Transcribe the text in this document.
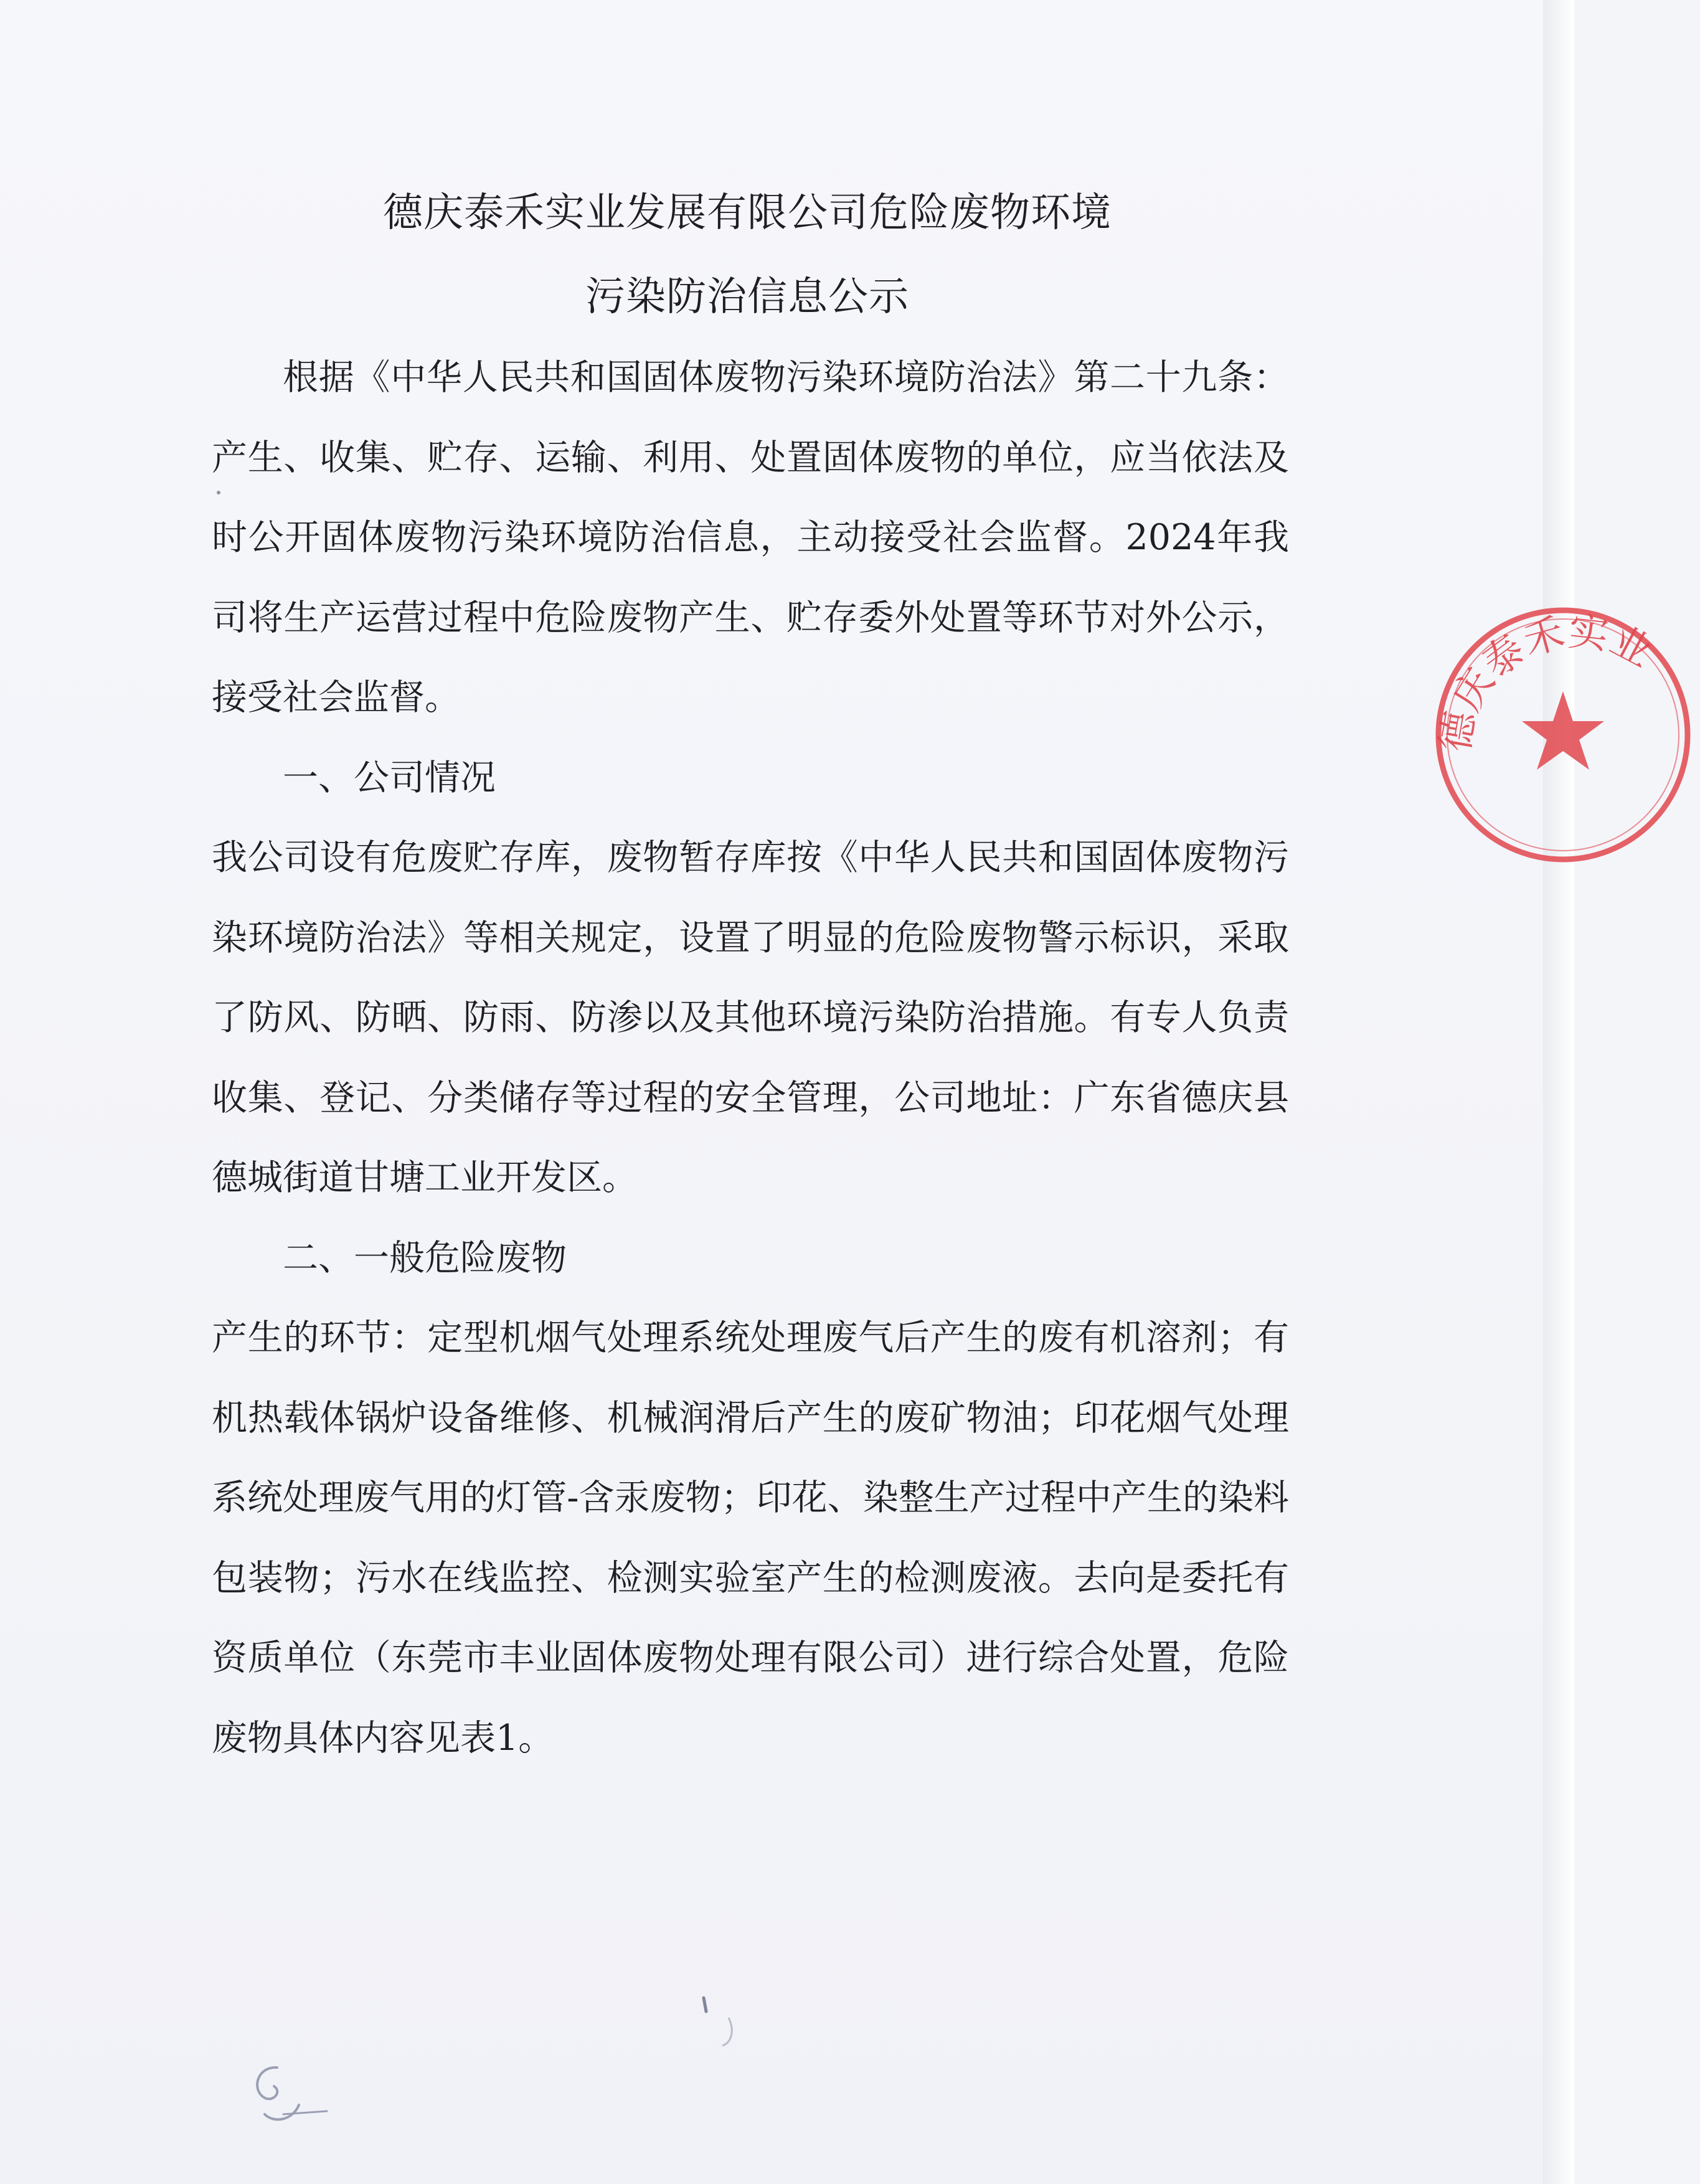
德庆泰禾实业发展有限公司危险废物环境
污染防治信息公示

根据《中华人民共和国固体废物污染环境防治法》第二十九条：产生、收集、贮存、运输、利用、处置固体废物的单位，应当依法及时公开固体废物污染环境防治信息，主动接受社会监督。2024年我司将生产运营过程中危险废物产生、贮存委外处置等环节对外公示，接受社会监督。

一、公司情况

我公司设有危废贮存库，废物暂存库按《中华人民共和国固体废物污染环境防治法》等相关规定，设置了明显的危险废物警示标识，采取了防风、防晒、防雨、防渗以及其他环境污染防治措施。有专人负责收集、登记、分类储存等过程的安全管理，公司地址：广东省德庆县德城街道甘塘工业开发区。

二、一般危险废物

产生的环节：定型机烟气处理系统处理废气后产生的废有机溶剂；有机热载体锅炉设备维修、机械润滑后产生的废矿物油；印花烟气处理系统处理废气用的灯管-含汞废物；印花、染整生产过程中产生的染料包装物；污水在线监控、检测实验室产生的检测废液。去向是委托有资质单位（东莞市丰业固体废物处理有限公司）进行综合处置，危险废物具体内容见表1。

德庆泰禾实业
